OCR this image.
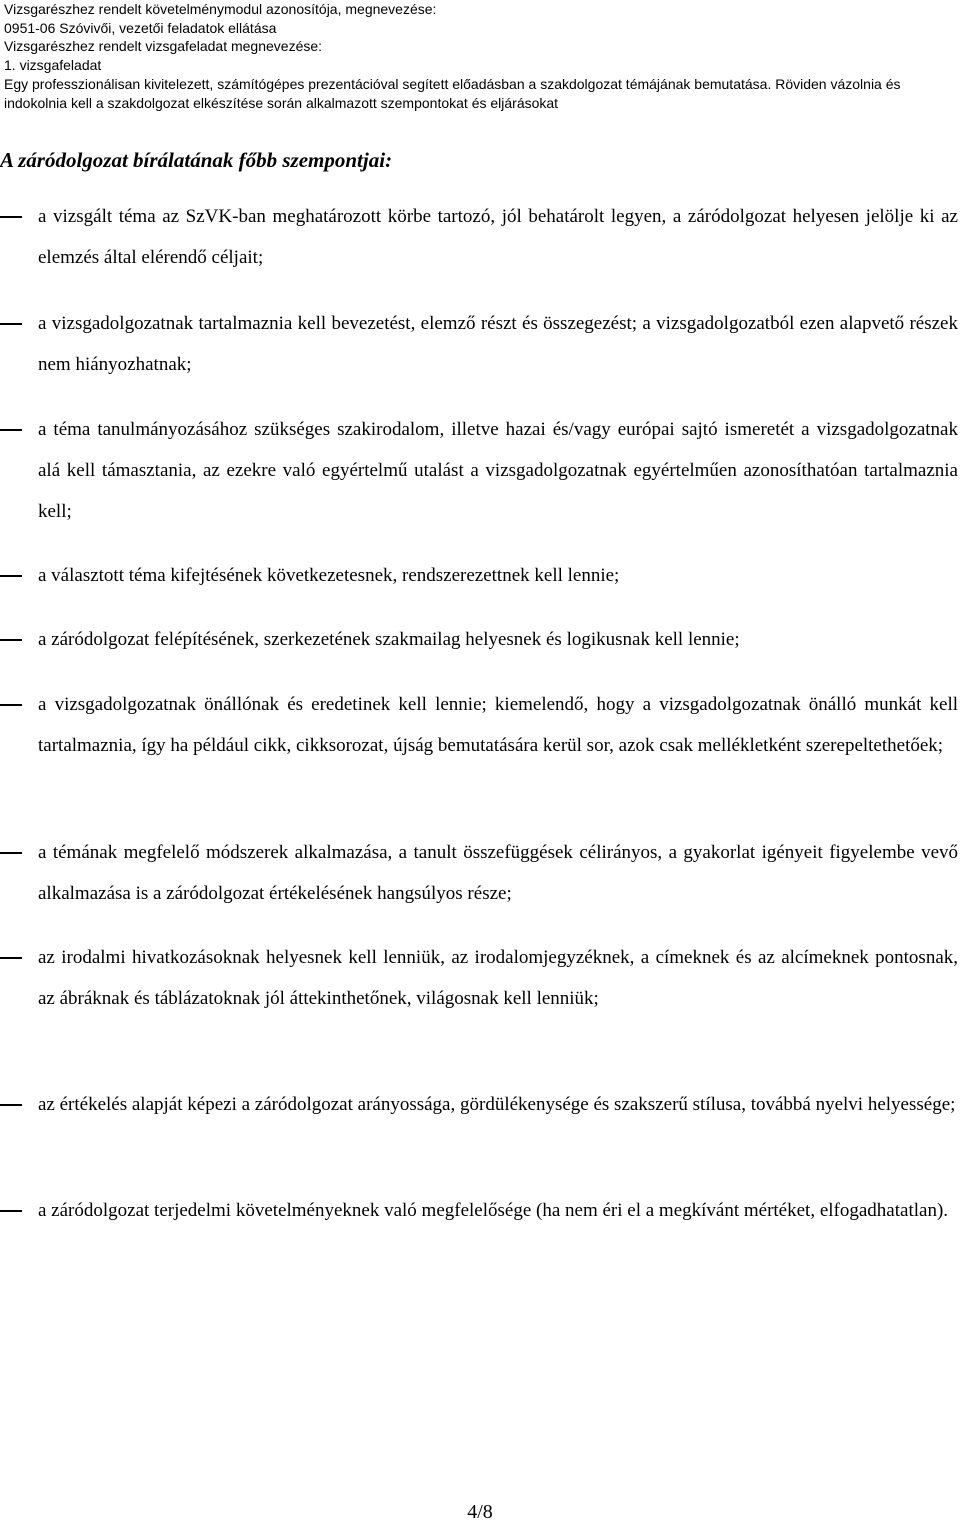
Vizsgarészhez rendelt követelménymodul azonosítója, megnevezése:
0951-06 Szóvivői, vezetői feladatok ellátása
Vizsgarészhez rendelt vizsgafeladat megnevezése:
1. vizsgafeladat
Egy professzionálisan kivitelezett, számítógépes prezentációval segített előadásban a szakdolgozat témájának bemutatása. Röviden vázolnia és indokolnia kell a szakdolgozat elkészítése során alkalmazott szempontokat és eljárásokat
A záródolgozat bírálatának főbb szempontjai:
a vizsgált téma az SzVK-ban meghatározott körbe tartozó, jól behatárolt legyen, a záródolgozat helyesen jelölje ki az elemzés által elérendő céljait;
a vizsgadolgozatnak tartalmaznia kell bevezetést, elemző részt és összegezést; a vizsgadolgozatból ezen alapvető részek nem hiányozhatnak;
a téma tanulmányozásához szükséges szakirodalom, illetve hazai és/vagy európai sajtó ismeretét a vizsgadolgozatnak alá kell támasztania, az ezekre való egyértelmű utalást a vizsgadolgozatnak egyértelműen azonosíthatóan tartalmaznia kell;
a választott téma kifejtésének következetesnek, rendszerezettnek kell lennie;
a záródolgozat felépítésének, szerkezetének szakmailag helyesnek és logikusnak kell lennie;
a vizsgadolgozatnak önállónak és eredetinek kell lennie; kiemelendő, hogy a vizsgadolgozatnak önálló munkát kell tartalmaznia, így ha például cikk, cikksorozat, újság bemutatására kerül sor, azok csak mellékletként szerepeltethetőek;
a témának megfelelő módszerek alkalmazása, a tanult összefüggések célirányos, a gyakorlat igényeit figyelembe vevő alkalmazása is a záródolgozat értékelésének hangsúlyos része;
az irodalmi hivatkozásoknak helyesnek kell lenniük, az irodalomjegyzéknek, a címeknek és az alcímeknek pontosnak, az ábráknak és táblázatoknak jól áttekinthetőnek, világosnak kell lenniük;
az értékelés alapját képezi a záródolgozat arányossága, gördülékenysége és szakszerű stílusa, továbbá nyelvi helyessége;
a záródolgozat terjedelmi követelményeknek való megfelelősége (ha nem éri el a megkívánt mértéket, elfogadhatatlan).
4/8
